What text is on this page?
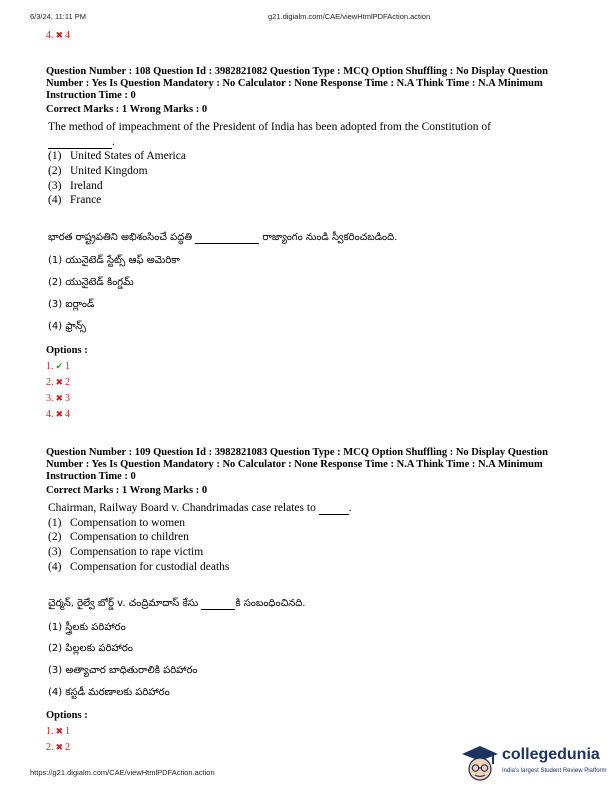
6/3/24, 11:11 PM	g21.digialm.com/CAE/viewHtmlPDFAction.action
4. ✖ 4
Question Number : 108 Question Id : 3982821082 Question Type : MCQ Option Shuffling : No Display Question Number : Yes Is Question Mandatory : No Calculator : None Response Time : N.A Think Time : N.A Minimum Instruction Time : 0
Correct Marks : 1 Wrong Marks : 0
The method of impeachment of the President of India has been adopted from the Constitution of
.
(1) United States of America
(2) United Kingdom
(3) Ireland
(4) France
భారత రాష్ట్రపతిని అభిశంసించే పద్ధతి	రాజ్యాంగం నుండి స్వీకరించబడింది.
(1) యునైటెడ్ స్టేట్స్ ఆఫ్ అమెరికా
(2) యునైటెడ్ కింగ్డమ్
(3) ఐర్లాండ్
(4) ఫ్రాన్స్
Options :
1. ✔ 1
2. ✖ 2
3. ✖ 3
4. ✖ 4
Question Number : 109 Question Id : 3982821083 Question Type : MCQ Option Shuffling : No Display Question Number : Yes Is Question Mandatory : No Calculator : None Response Time : N.A Think Time : N.A Minimum Instruction Time : 0
Correct Marks : 1 Wrong Marks : 0
Chairman, Railway Board v. Chandrimadas case relates to	.
(1) Compensation to women
(2) Compensation to children
(3) Compensation to rape victim
(4) Compensation for custodial deaths
చైర్మన్, రైల్వే బోర్డ్ v. చంద్రిమాదాస్ కేసు	కి సంబంధించినది.
(1) స్త్రీలకు పరిహారం
(2) పిల్లలకు పరిహారం
(3) అత్యాచార బాధితురాలికి పరిహారం
(4) కస్టడీ మరణాలకు పరిహారం
Options :
1. ✖ 1
2. ✖ 2
https://g21.digialm.com/CAE/viewHtmlPDFAction.action
collegedunia
India's largest Student Review Platform
